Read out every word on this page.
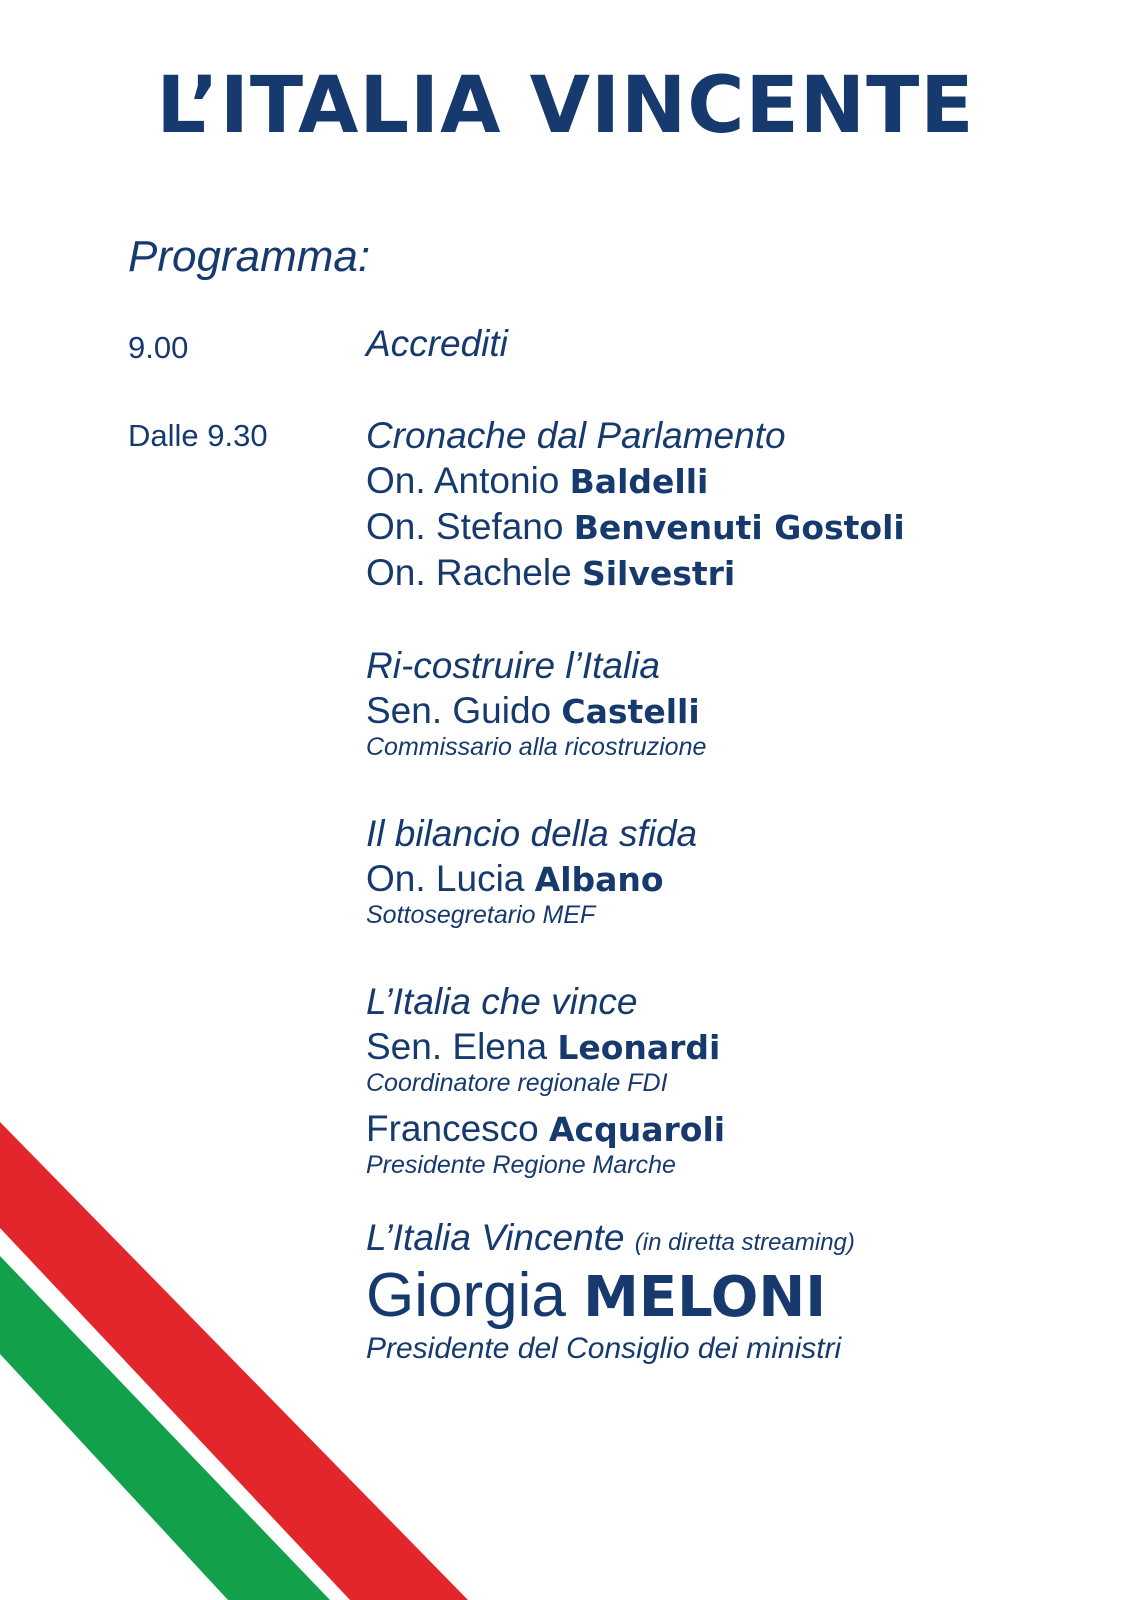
L’ITALIA VINCENTE
Programma:
9.00	Accrediti

Dalle 9.30	Cronache dal Parlamento

On. Antonio Baldelli

On. Stefano Benvenuti Gostoli

On. Rachele Silvestri

Ri-costruire l’Italia

Sen. Guido Castelli

Commissario alla ricostruzione

Il bilancio della sfida

On. Lucia Albano

Sottosegretario MEF

L’Italia che vince

Sen. Elena Leonardi

Coordinatore regionale FDI

Francesco Acquaroli

Presidente Regione Marche

L’Italia Vincente (in diretta streaming)

Giorgia MELONI

Presidente del Consiglio dei ministri
